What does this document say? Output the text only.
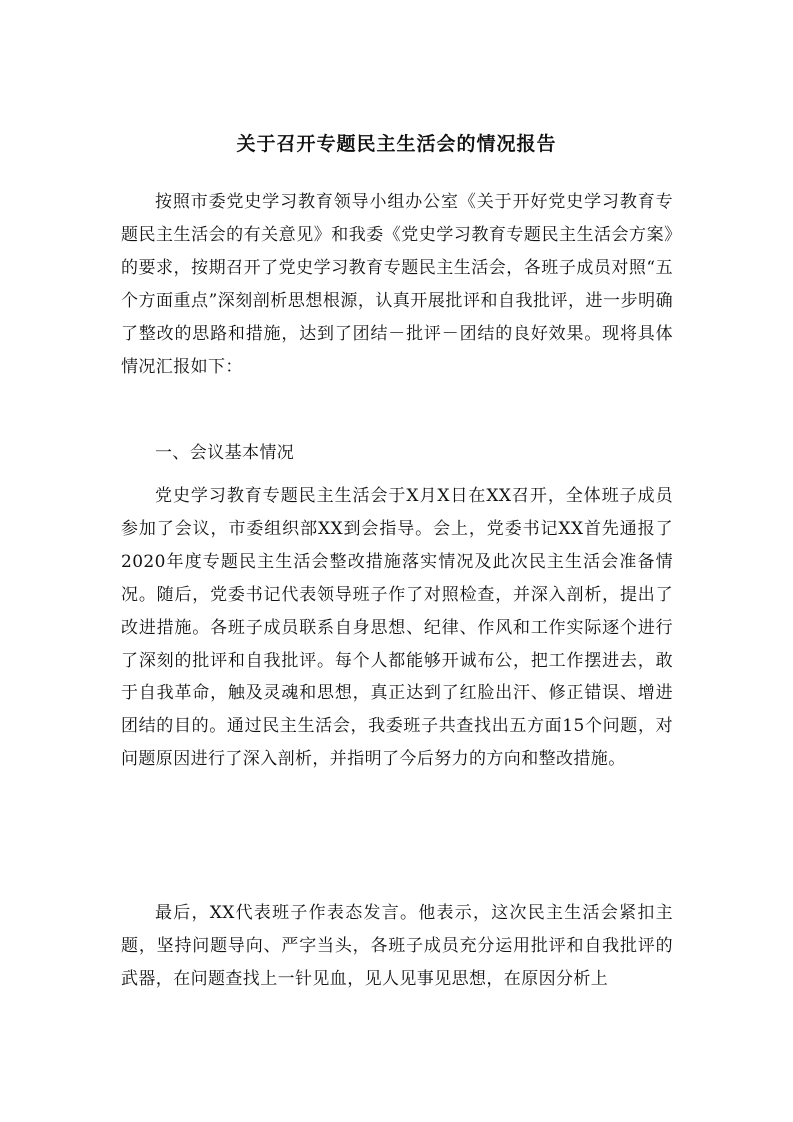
关于召开专题民主生活会的情况报告

按照市委党史学习教育领导小组办公室《关于开好党史学习教育专题民主生活会的有关意见》和我委《党史学习教育专题民主生活会方案》的要求，按期召开了党史学习教育专题民主生活会，各班子成员对照“五个方面重点”深刻剖析思想根源，认真开展批评和自我批评，进一步明确了整改的思路和措施，达到了团结－批评－团结的良好效果。现将具体情况汇报如下：

一、会议基本情况

党史学习教育专题民主生活会于X月X日在XX召开，全体班子成员参加了会议，市委组织部XX到会指导。会上，党委书记XX首先通报了2020年度专题民主生活会整改措施落实情况及此次民主生活会准备情况。随后，党委书记代表领导班子作了对照检查，并深入剖析，提出了改进措施。各班子成员联系自身思想、纪律、作风和工作实际逐个进行了深刻的批评和自我批评。每个人都能够开诚布公，把工作摆进去，敢于自我革命，触及灵魂和思想，真正达到了红脸出汗、修正错误、增进团结的目的。通过民主生活会，我委班子共查找出五方面15个问题，对问题原因进行了深入剖析，并指明了今后努力的方向和整改措施。

最后，XX代表班子作表态发言。他表示，这次民主生活会紧扣主题，坚持问题导向、严字当头，各班子成员充分运用批评和自我批评的武器，在问题查找上一针见血，见人见事见思想，在原因分析上
